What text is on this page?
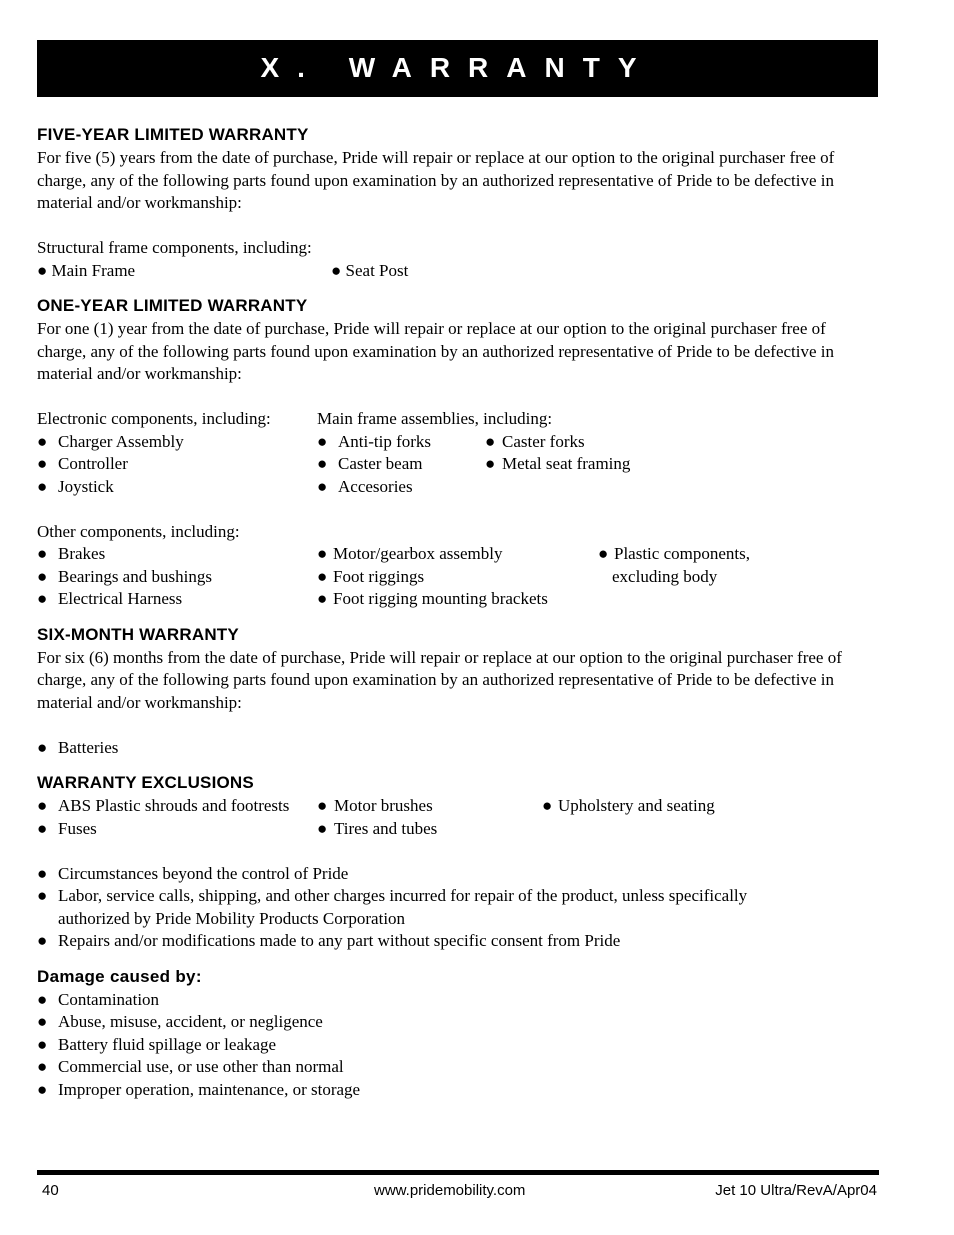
X. WARRANTY
FIVE-YEAR LIMITED WARRANTY

For five (5) years from the date of purchase, Pride will repair or replace at our option to the original purchaser free of charge, any of the following parts found upon examination by an authorized representative of Pride to be defective in material and/or workmanship:

Structural frame components, including:

● Main Frame	● Seat Post
ONE-YEAR LIMITED WARRANTY

For one (1) year from the date of purchase, Pride will repair or replace at our option to the original purchaser free of charge, any of the following parts found upon examination by an authorized representative of Pride to be defective in material and/or workmanship:

Electronic components, including:
● Charger Assembly
● Controller
● Joystick
Main frame assemblies, including:
● Anti-tip forks
● Caster beam
● Accesories
● Caster forks
● Metal seat framing
Other components, including:
● Brakes
● Bearings and bushings
● Electrical Harness
● Motor/gearbox assembly
● Foot riggings
● Foot rigging mounting brackets
● Plastic components,
excluding body
SIX-MONTH WARRANTY

For six (6) months from the date of purchase, Pride will repair or replace at our option to the original purchaser free of charge, any of the following parts found upon examination by an authorized representative of Pride to be defective in material and/or workmanship:

● Batteries
WARRANTY EXCLUSIONS
● ABS Plastic shrouds and footrests
● Fuses
● Motor brushes
● Tires and tubes
● Upholstery and seating
● Circumstances beyond the control of Pride
● Labor, service calls, shipping, and other charges incurred for repair of the product, unless specifically
authorized by Pride Mobility Products Corporation
● Repairs and/or modifications made to any part without specific consent from Pride
Damage caused by:
● Contamination
● Abuse, misuse, accident, or negligence
● Battery fluid spillage or leakage
● Commercial use, or use other than normal
● Improper operation, maintenance, or storage
40	www.pridemobility.com	Jet 10 Ultra/RevA/Apr04
